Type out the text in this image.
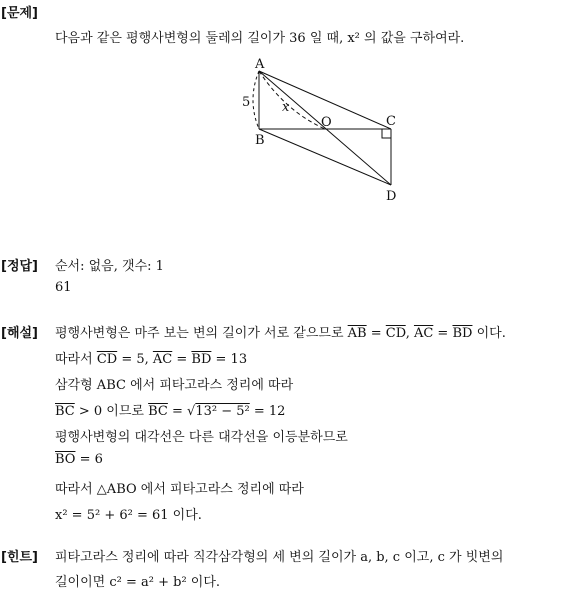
[문제]
다음과 같은 평행사변형의 둘레의 길이가 36 일 때, x² 의 값을 구하여라.
A
B
C
D
O
x
5
[정답] 순서: 없음, 갯수: 1
61
[해설] 평행사변형은 마주 보는 변의 길이가 서로 같으므로 $\overline{AB} = \overline{CD}$, $\overline{AC} = \overline{BD}$ 이다.
따라서 $\overline{CD} = 5$, $\overline{AC} = \overline{BD} = 13$
삼각형 ABC 에서 피타고라스 정리에 따라
$\overline{BC} > 0$ 이므로 $\overline{BC} = √13^2 - 5^2 = 12$
평행사변형의 대각선은 다른 대각선을 이등분하므로
$\overline{BO} = 6$
따라서 △ABO 에서 피타고라스 정리에 따라
x² = 5² + 6² = 61 이다.
[힌트] 피타고라스 정리에 따라 직각삼각형의 세 변의 길이가 a, b, c 이고, c 가 빗변의
길이이면 c² = a² + b² 이다.
